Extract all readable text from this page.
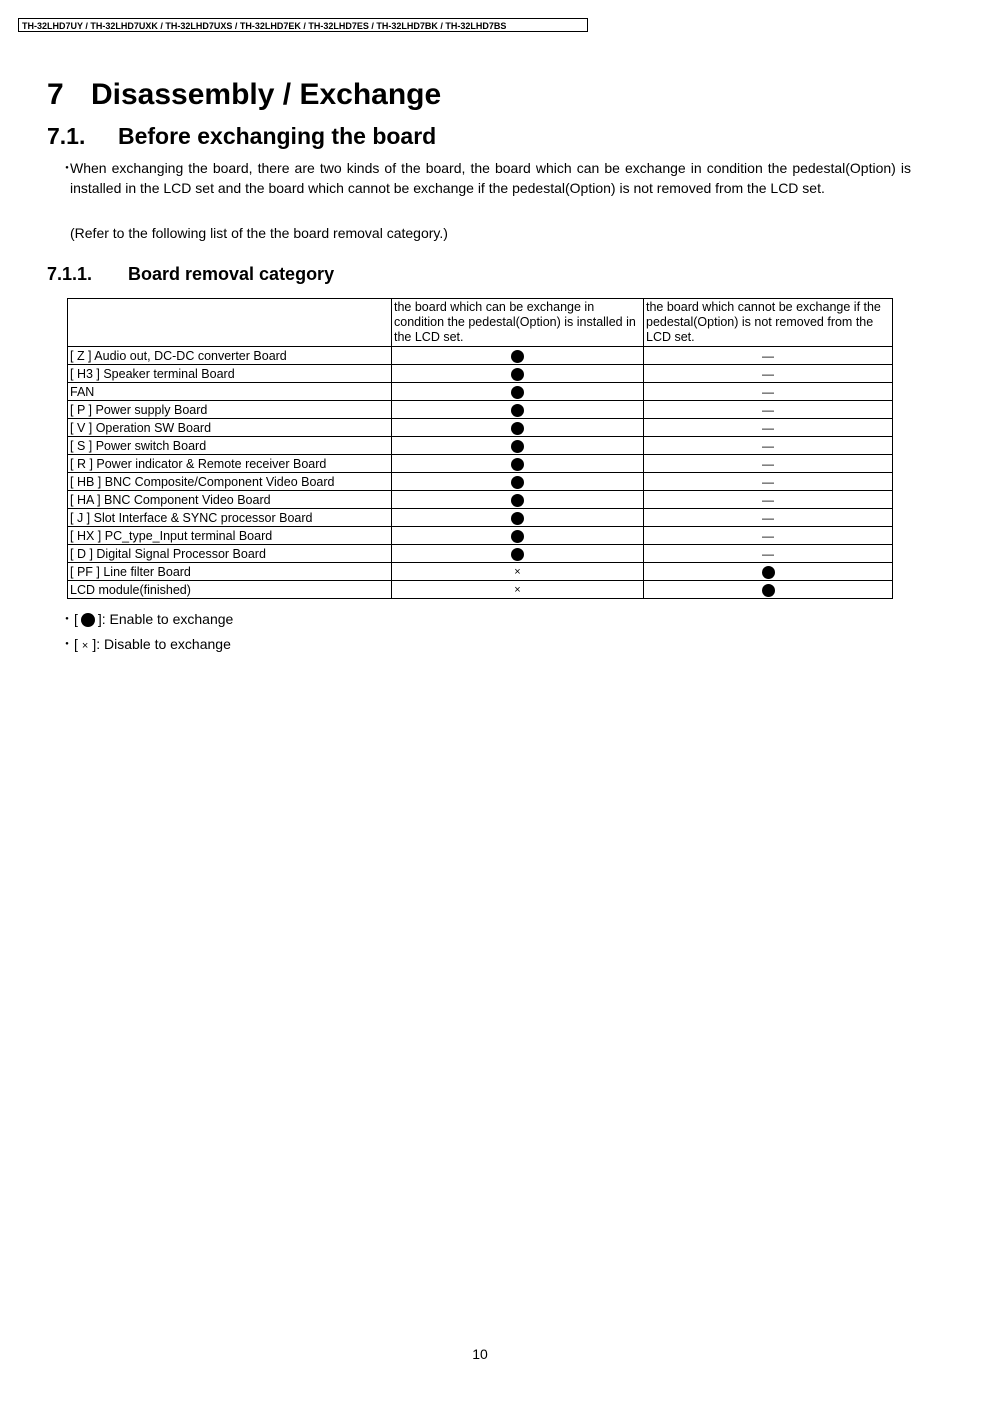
TH-32LHD7UY / TH-32LHD7UXK / TH-32LHD7UXS / TH-32LHD7EK / TH-32LHD7ES / TH-32LHD7BK / TH-32LHD7BS
7 Disassembly / Exchange
7.1. Before exchanging the board
・

When exchanging the board, there are two kinds of the board, the board which can be exchange in condition the pedestal(Option) is installed in the LCD set and the board which cannot be exchange if the pedestal(Option) is not removed from the LCD set.

(Refer to the following list of the the board removal category.)

7.1.1. Board removal category
	the board which can be exchange in condition the pedestal(Option) is installed in the LCD set.	the board which cannot be exchange if the pedestal(Option) is not removed from the LCD set.
[ Z ] Audio out, DC-DC converter Board		—
[ H3 ] Speaker terminal Board		—
FAN		—
[ P ] Power supply Board		—
[ V ] Operation SW Board		—
[ S ] Power switch Board		—
[ R ] Power indicator & Remote receiver Board		—
[ HB ] BNC Composite/Component Video Board		—
[ HA ] BNC Component Video Board		—
[ J ] Slot Interface & SYNC processor Board		—
[ HX ] PC_type_Input terminal Board		—
[ D ] Digital Signal Processor Board		—
[ PF ] Line filter Board	×	
LCD module(finished)	×	
・[ ]: Enable to exchange
・[ × ]: Disable to exchange
10
